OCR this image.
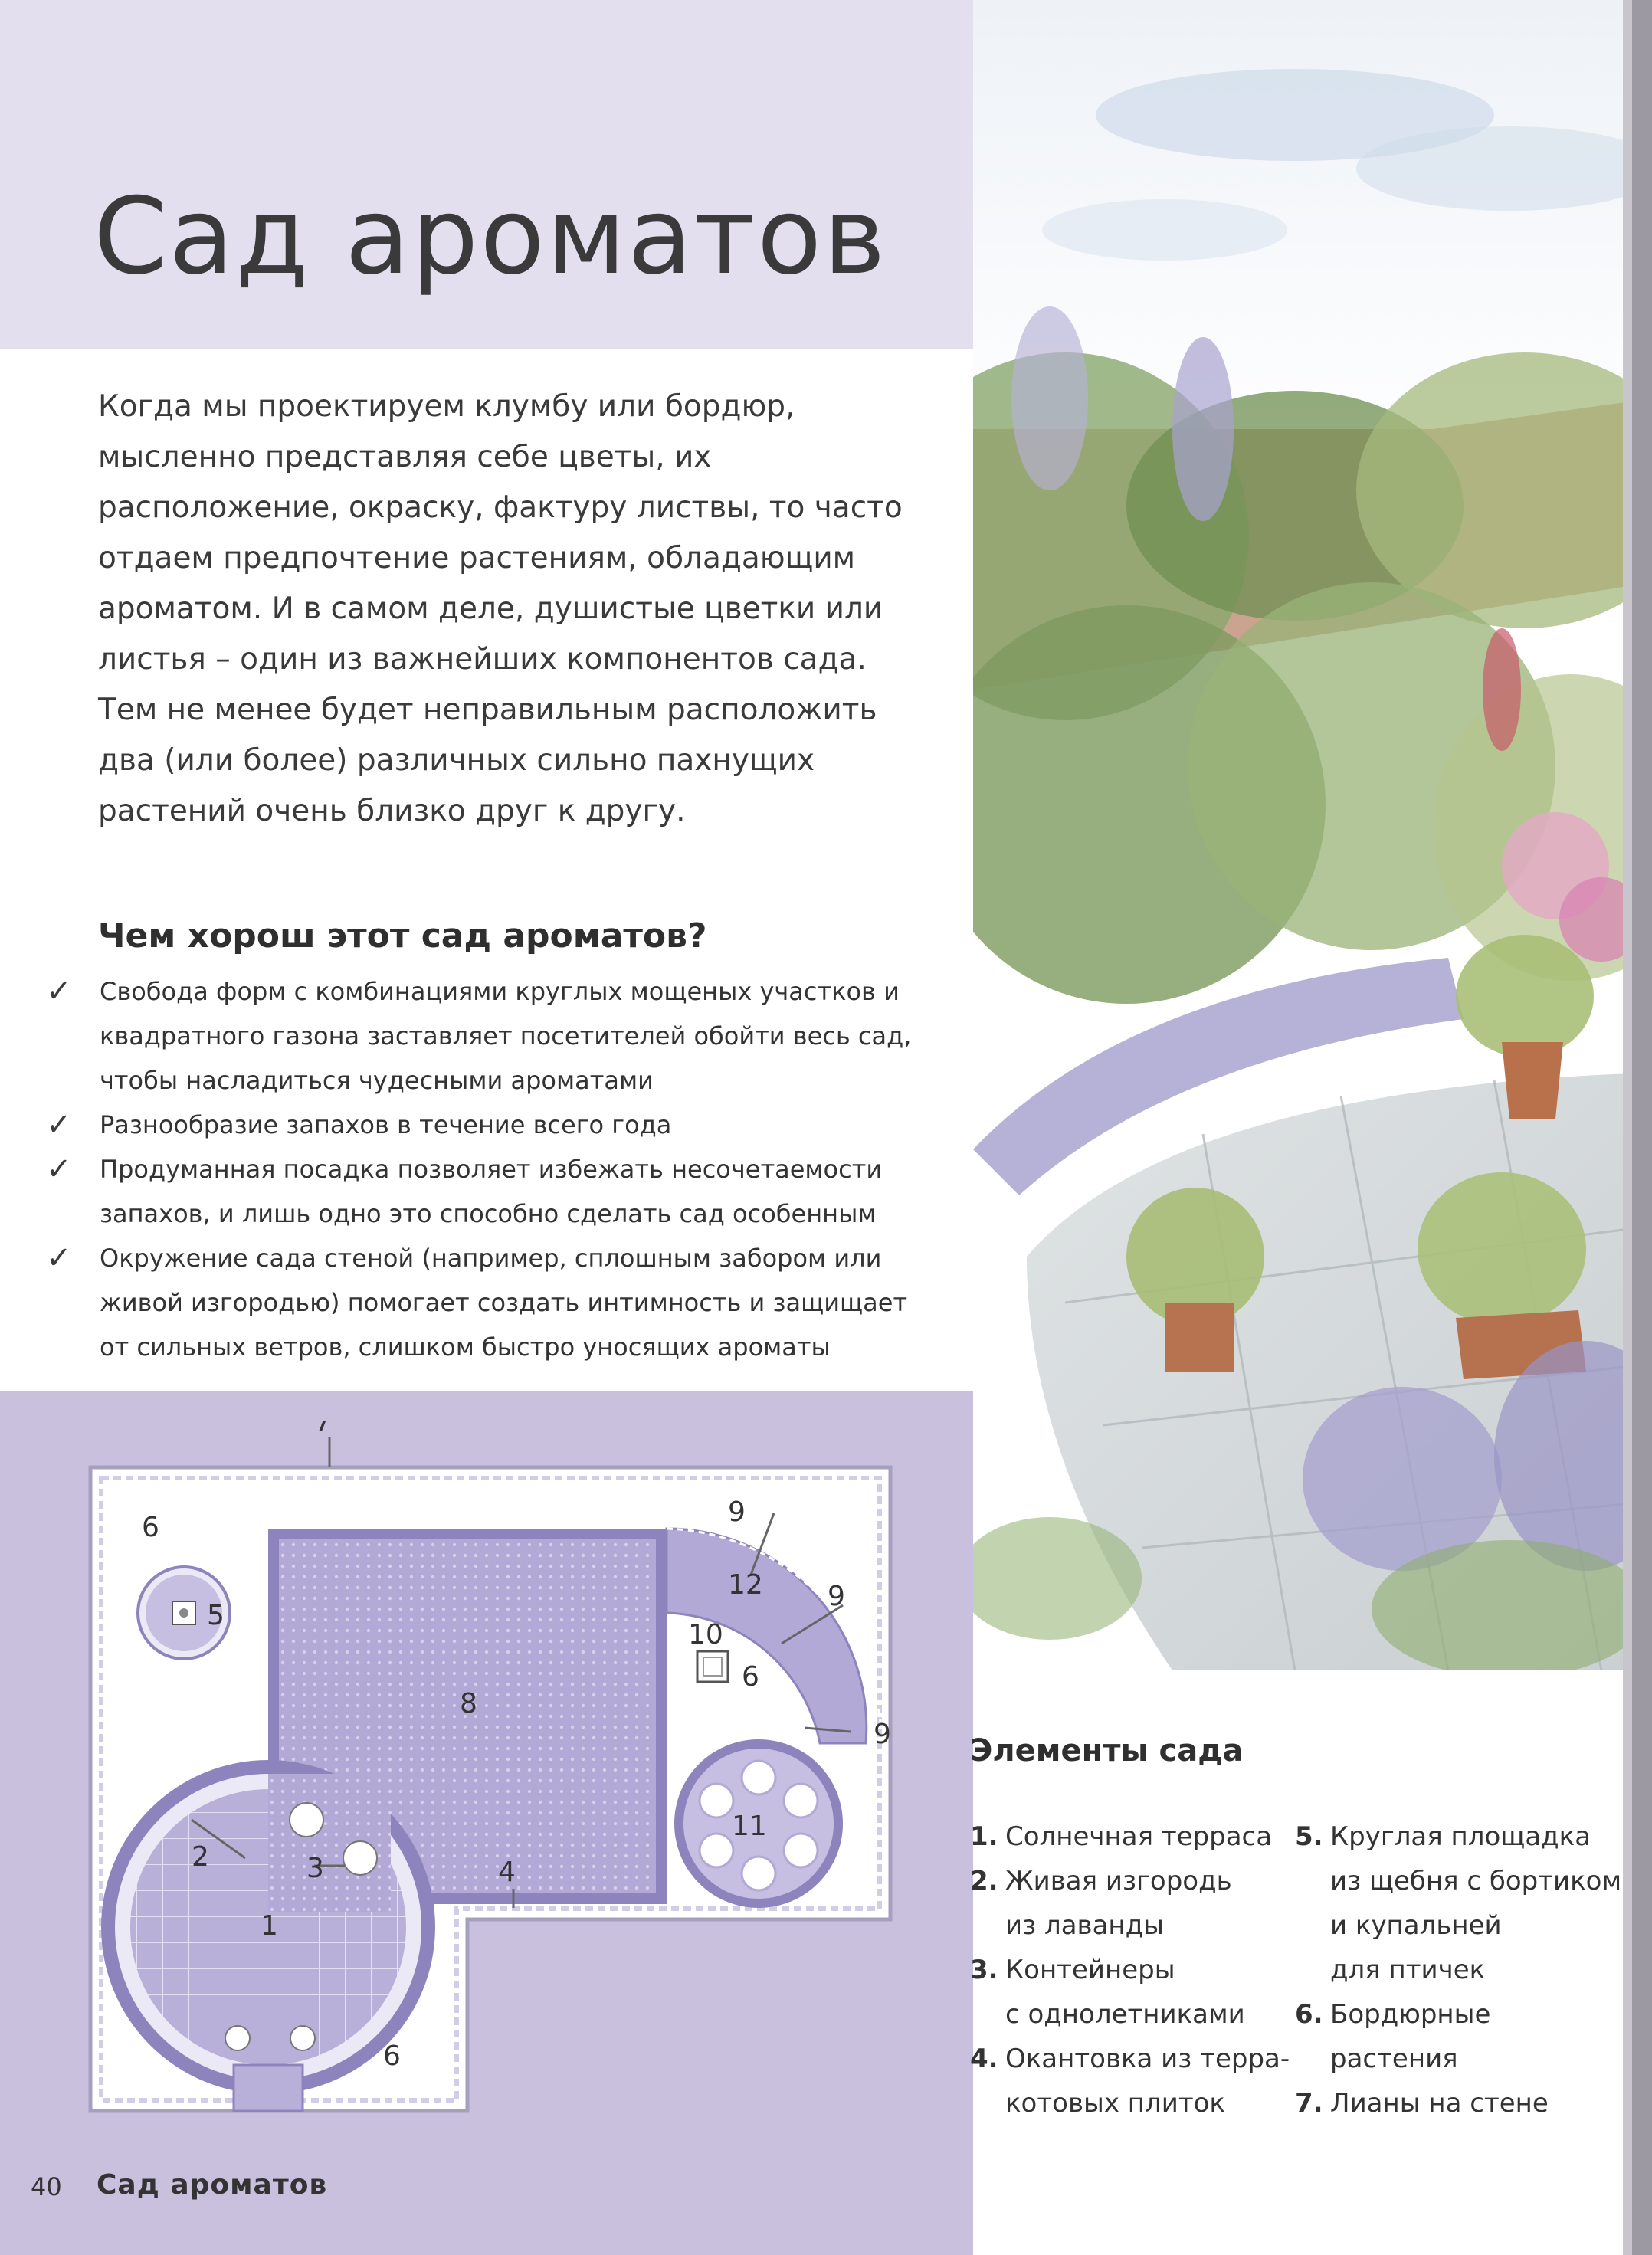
Сад ароматов

Когда мы проектируем клумбу или бордюр, мысленно представляя себе цветы, их расположение, окраску, фактуру листвы, то часто отдаем предпочтение растениям, обладающим ароматом. И в самом деле, душистые цветки или листья – один из важнейших компонентов сада. Тем не менее будет неправильным расположить два (или более) различных сильно пахнущих растений очень близко друг к другу.

Чем хорош этот сад ароматов?
✓ Свобода форм с комбинациями круглых мощеных участков и квадратного газона заставляет посетителей обойти весь сад, чтобы насладиться чудесными ароматами
✓ Разнообразие запахов в течение всего года
✓ Продуманная посадка позволяет избежать несочетаемости запахов, и лишь одно это способно сделать сад особенным
✓ Окружение сада стеной (например, сплошным забором или живой изгородью) помогает создать интимность и защищает от сильных ветров, слишком быстро уносящих ароматы
7
6
5
8
2	3	4
1
6
9
12 9
10
6
9
11
Элементы сада
1. Солнечная терраса
2. Живая изгородь
из лаванды
3. Контейнеры
с однолетниками
4. Окантовка из терра-
котовых плиток
5. Круглая площадка
из щебня с бортиком
и купальней
для птичек
6. Бордюрные
растения
7. Лианы на стене
40 Сад ароматов
